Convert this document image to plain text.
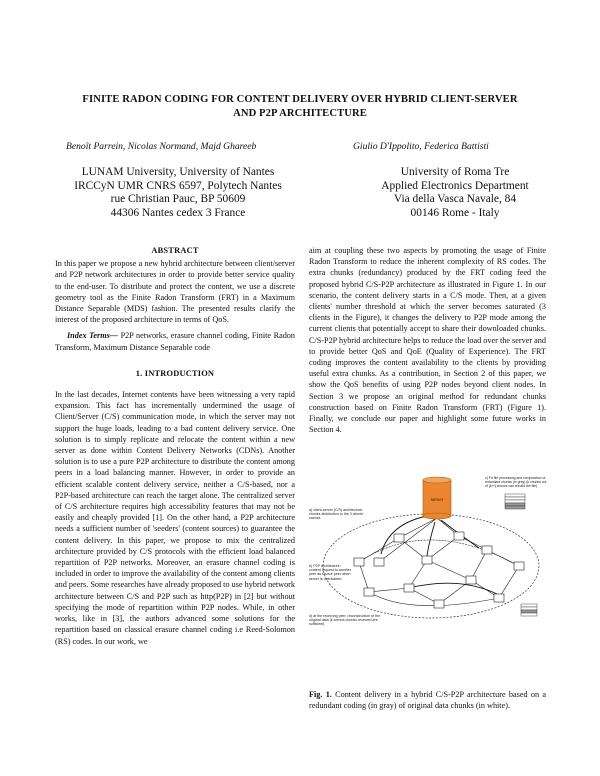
FINITE RADON CODING FOR CONTENT DELIVERY OVER HYBRID CLIENT-SERVER
AND P2P ARCHITECTURE
Benoît Parrein, Nicolas Normand, Majd Ghareeb	Giulio D'Ippolito, Federica Battisti
LUNAM University, University of Nantes
IRCCyN UMR CNRS 6597, Polytech Nantes
rue Christian Pauc, BP 50609
44306 Nantes cedex 3 France
University of Roma Tre
Applied Electronics Department
Via della Vasca Navale, 84
00146 Rome - Italy
ABSTRACT

In this paper we propose a new hybrid architecture between client/server and P2P network architectures in order to provide better service quality to the end-user. To distribute and protect the content, we use a discrete geometry tool as the Finite Radon Transform (FRT) in a Maximum Distance Separable (MDS) fashion. The presented results clarify the interest of the proposed architecture in terms of QoS.

Index Terms— P2P networks, erasure channel coding, Finite Radon Transform, Maximum Distance Separable code

1. INTRODUCTION

In the last decades, Internet contents have been witnessing a very rapid expansion. This fact has incrementally undermined the usage of Client/Server (C/S) communication mode, in which the server may not support the huge loads, leading to a bad content delivery service. One solution is to simply replicate and relocate the content within a new server as done within Content Delivery Networks (CDNs). Another solution is to use a pure P2P architecture to distribute the content among peers in a load balancing manner. However, in order to provide an efficient scalable content delivery service, neither a C/S-based, nor a P2P-based architecture can reach the target alone. The centralized server of C/S architecture requires high accessibility features that may not be easily and cheaply provided [1]. On the other hand, a P2P architecture needs a sufficient number of 'seeders' (content sources) to guarantee the content delivery. In this paper, we propose to mix the centralized architecture provided by C/S protocols with the efficient load balanced repartition of P2P networks. Moreover, an erasure channel coding is included in order to improve the availability of the content among clients and peers. Some researches have already proposed to use hybrid network architecture between C/S and P2P such as http(P2P) in [2] but without specifying the mode of repartition within P2P nodes. While, in other works, like in [3], the authors advanced some solutions for the repartition based on classical erasure channel coding i.e Reed-Solomon (RS) codes. In our work, we

aim at coupling these two aspects by promoting the usage of Finite Radon Transform to reduce the inherent complexity of RS codes. The extra chunks (redundancy) produced by the FRT coding feed the proposed hybrid C/S-P2P architecture as illustrated in Figure 1. In our scenario, the content delivery starts in a C/S mode. Then, at a given clients' number threshold at which the server becomes saturated (3 clients in the Figure), it changes the delivery to P2P mode among the current clients that potentially accept to share their downloaded chunks. C/S-P2P hybrid architecture helps to reduce the load over the server and to provide better QoS and QoE (Quality of Experience). The FRT coding improves the content availability to the clients by providing useful extra chunks. As a contribution, in Section 2 of this paper, we show the QoS benefits of using P2P nodes beyond client nodes. In Section 3 we propose an original method for redundant chunks construction based on Finite Radon Transform (FRT) (Figure 1). Finally, we conclude our paper and highlight some future works in Section 4.

server
a) client-server (C/S) architecture: chunks distribution to the 3 clients' caches
b) P2P architecture: content request to another peer as source peer when server is overloaded
c) Frt file processing and computation of redundant chunks (in gray) (k chunks out of (k+r) chunks can rebuild the file)
d) at the receiving peer, reconstruction of the original data (k correct chunks received are sufficient)
Fig. 1. Content delivery in a hybrid C/S-P2P architecture based on a redundant coding (in gray) of original data chunks (in white).
